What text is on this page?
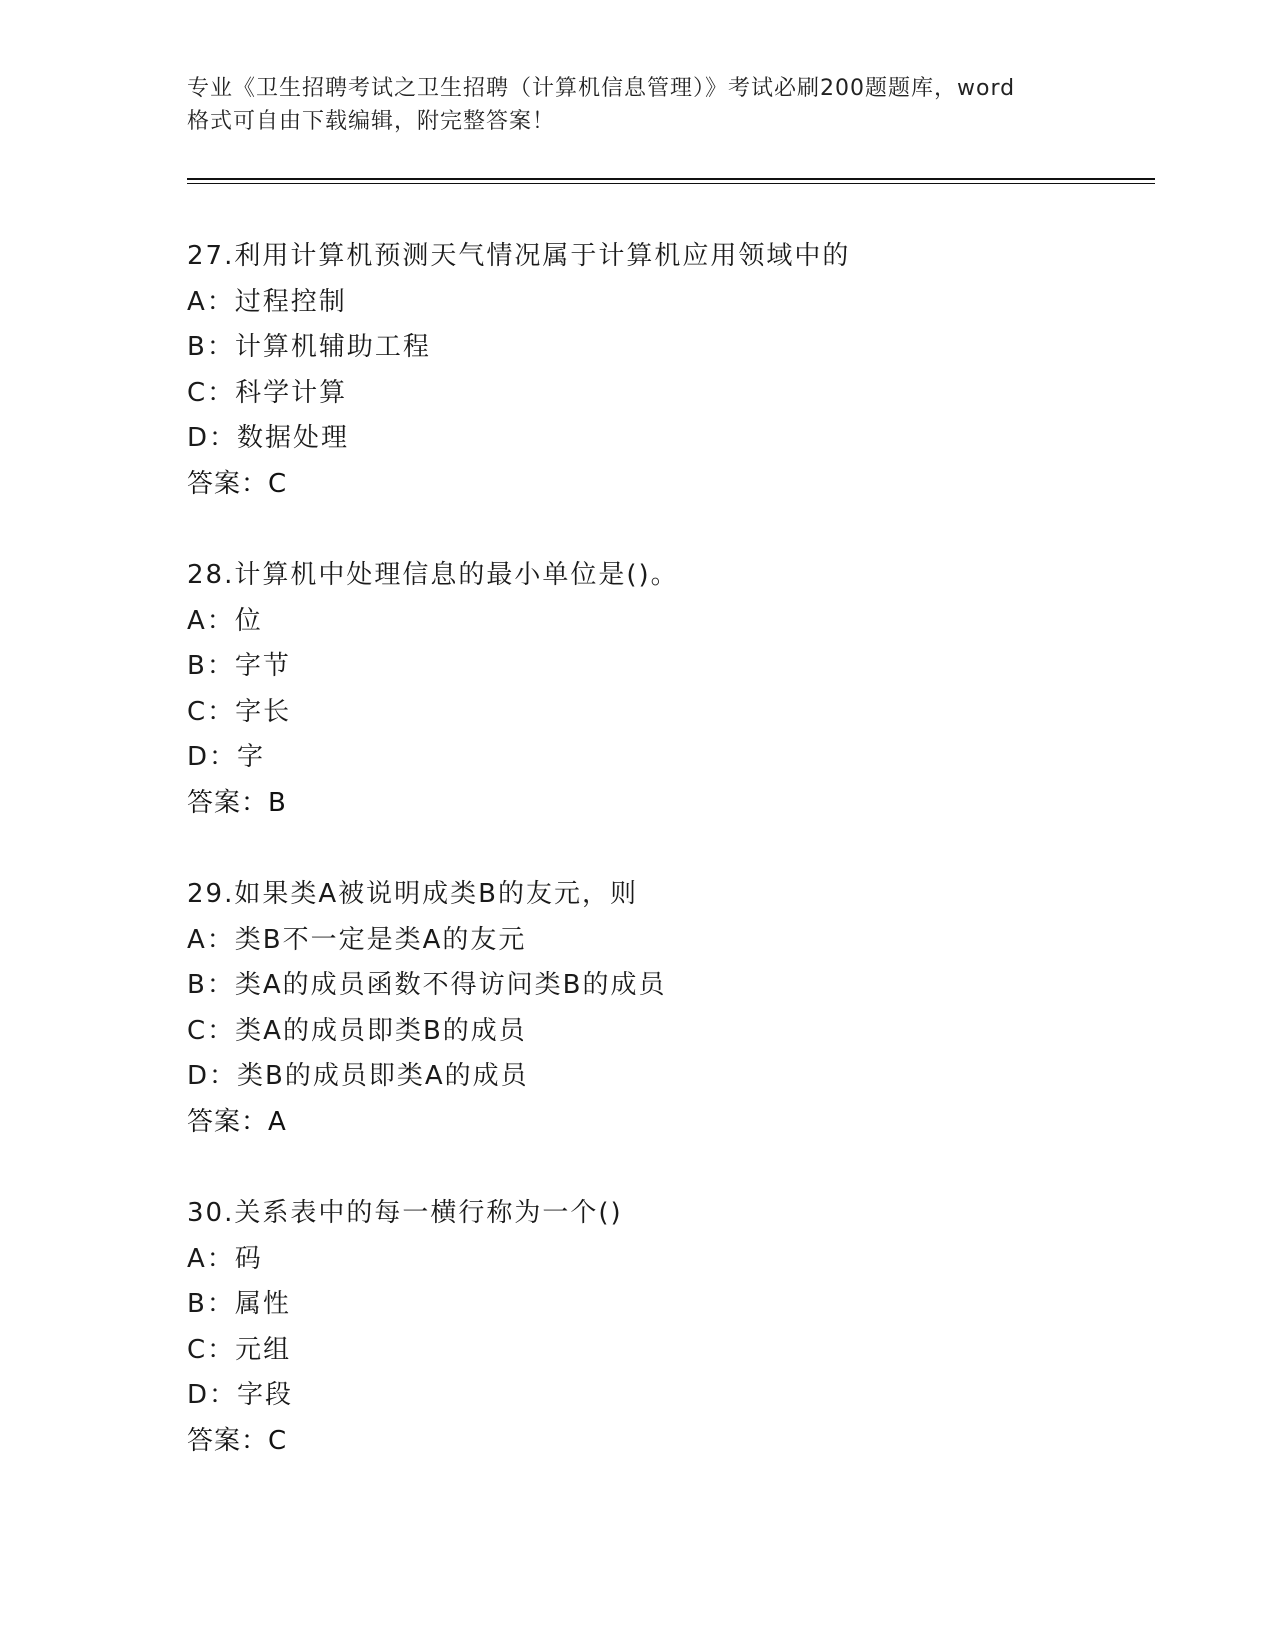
专业《卫生招聘考试之卫生招聘（计算机信息管理）》考试必刷200题题库，word
格式可自由下载编辑，附完整答案！
27.利用计算机预测天气情况属于计算机应用领域中的
A：过程控制
B：计算机辅助工程
C：科学计算
D：数据处理
答案：C
28.计算机中处理信息的最小单位是()。
A：位
B：字节
C：字长
D：字
答案：B
29.如果类A被说明成类B的友元，则
A：类B不一定是类A的友元
B：类A的成员函数不得访问类B的成员
C：类A的成员即类B的成员
D：类B的成员即类A的成员
答案：A
30.关系表中的每一横行称为一个()
A：码
B：属性
C：元组
D：字段
答案：C
